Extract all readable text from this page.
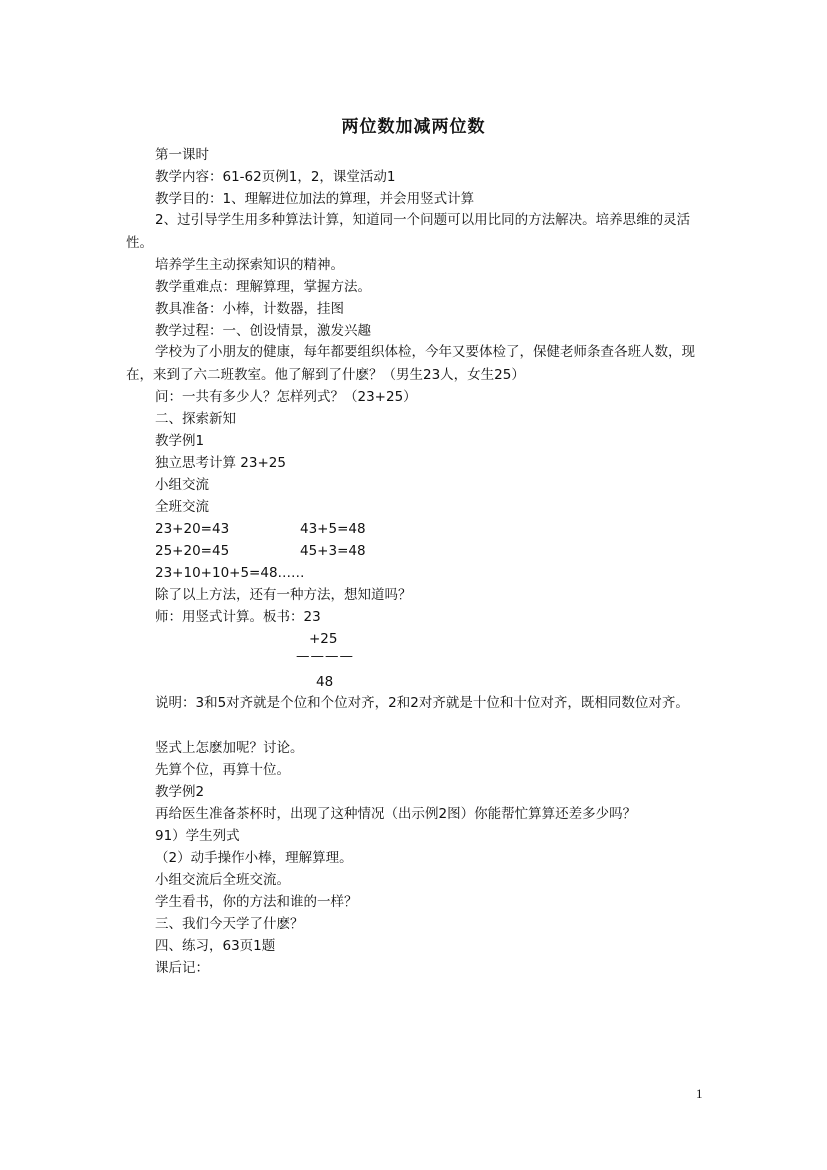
两位数加减两位数
第一课时
教学内容：61-62页例1，2，课堂活动1
教学目的：1、理解进位加法的算理，并会用竖式计算
2、过引导学生用多种算法计算，知道同一个问题可以用比同的方法解决。培养思维的灵活性。
培养学生主动探索知识的精神。
教学重难点：理解算理，掌握方法。
教具准备：小棒，计数器，挂图
教学过程：一、创设情景，激发兴趣
学校为了小朋友的健康，每年都要组织体检，今年又要体检了，保健老师条查各班人数，现在，来到了六二班教室。他了解到了什麽？（男生23人，女生25）
问：一共有多少人？怎样列式？（23+25）
二、探索新知
教学例1
独立思考计算 23+25
小组交流
全班交流
23+20=43	43+5=48
25+20=45	45+3=48
23+10+10+5=48……
除了以上方法，还有一种方法，想知道吗？
师：用竖式计算。板书：23
+25
————
48
说明：3和5对齐就是个位和个位对齐，2和2对齐就是十位和十位对齐，既相同数位对齐。
竖式上怎麽加呢？讨论。
先算个位，再算十位。
教学例2
再给医生准备茶杯时，出现了这种情况（出示例2图）你能帮忙算算还差多少吗？
91）学生列式
（2）动手操作小棒，理解算理。
小组交流后全班交流。
学生看书，你的方法和谁的一样？
三、我们今天学了什麽？
四、练习，63页1题
课后记：
1
